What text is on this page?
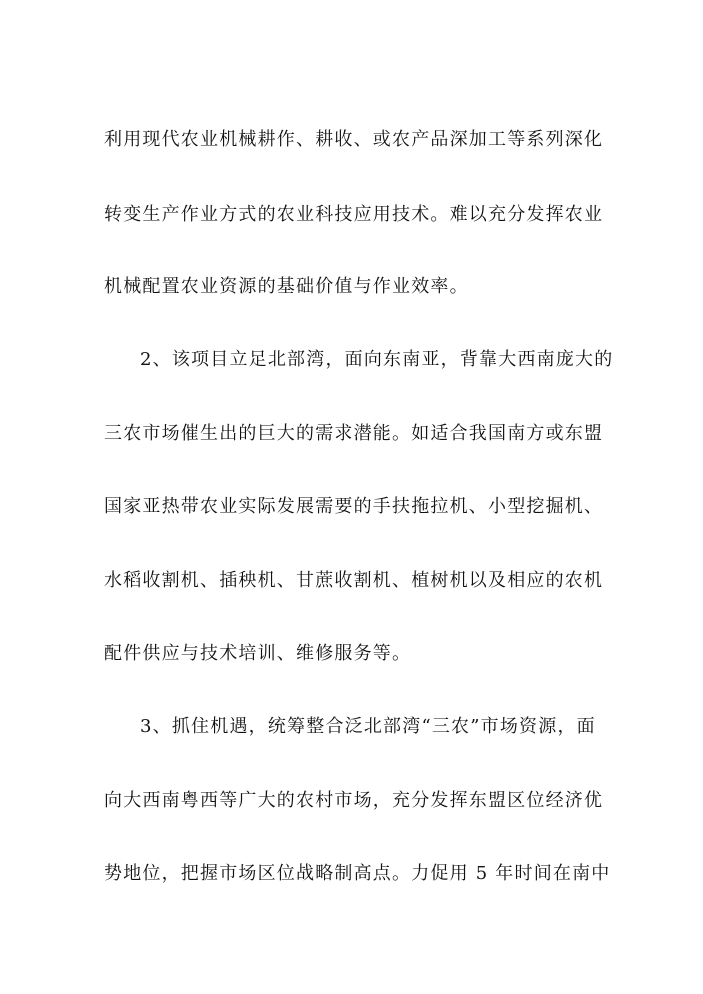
利用现代农业机械耕作、耕收、或农产品深加工等系列深化
转变生产作业方式的农业科技应用技术。难以充分发挥农业
机械配置农业资源的基础价值与作业效率。
2、该项目立足北部湾，面向东南亚，背靠大西南庞大的
三农市场催生出的巨大的需求潜能。如适合我国南方或东盟
国家亚热带农业实际发展需要的手扶拖拉机、小型挖掘机、
水稻收割机、插秧机、甘蔗收割机、植树机以及相应的农机
配件供应与技术培训、维修服务等。
3、抓住机遇，统筹整合泛北部湾“三农”市场资源，面
向大西南粤西等广大的农村市场，充分发挥东盟区位经济优
势地位，把握市场区位战略制高点。力促用 5 年时间在南中
